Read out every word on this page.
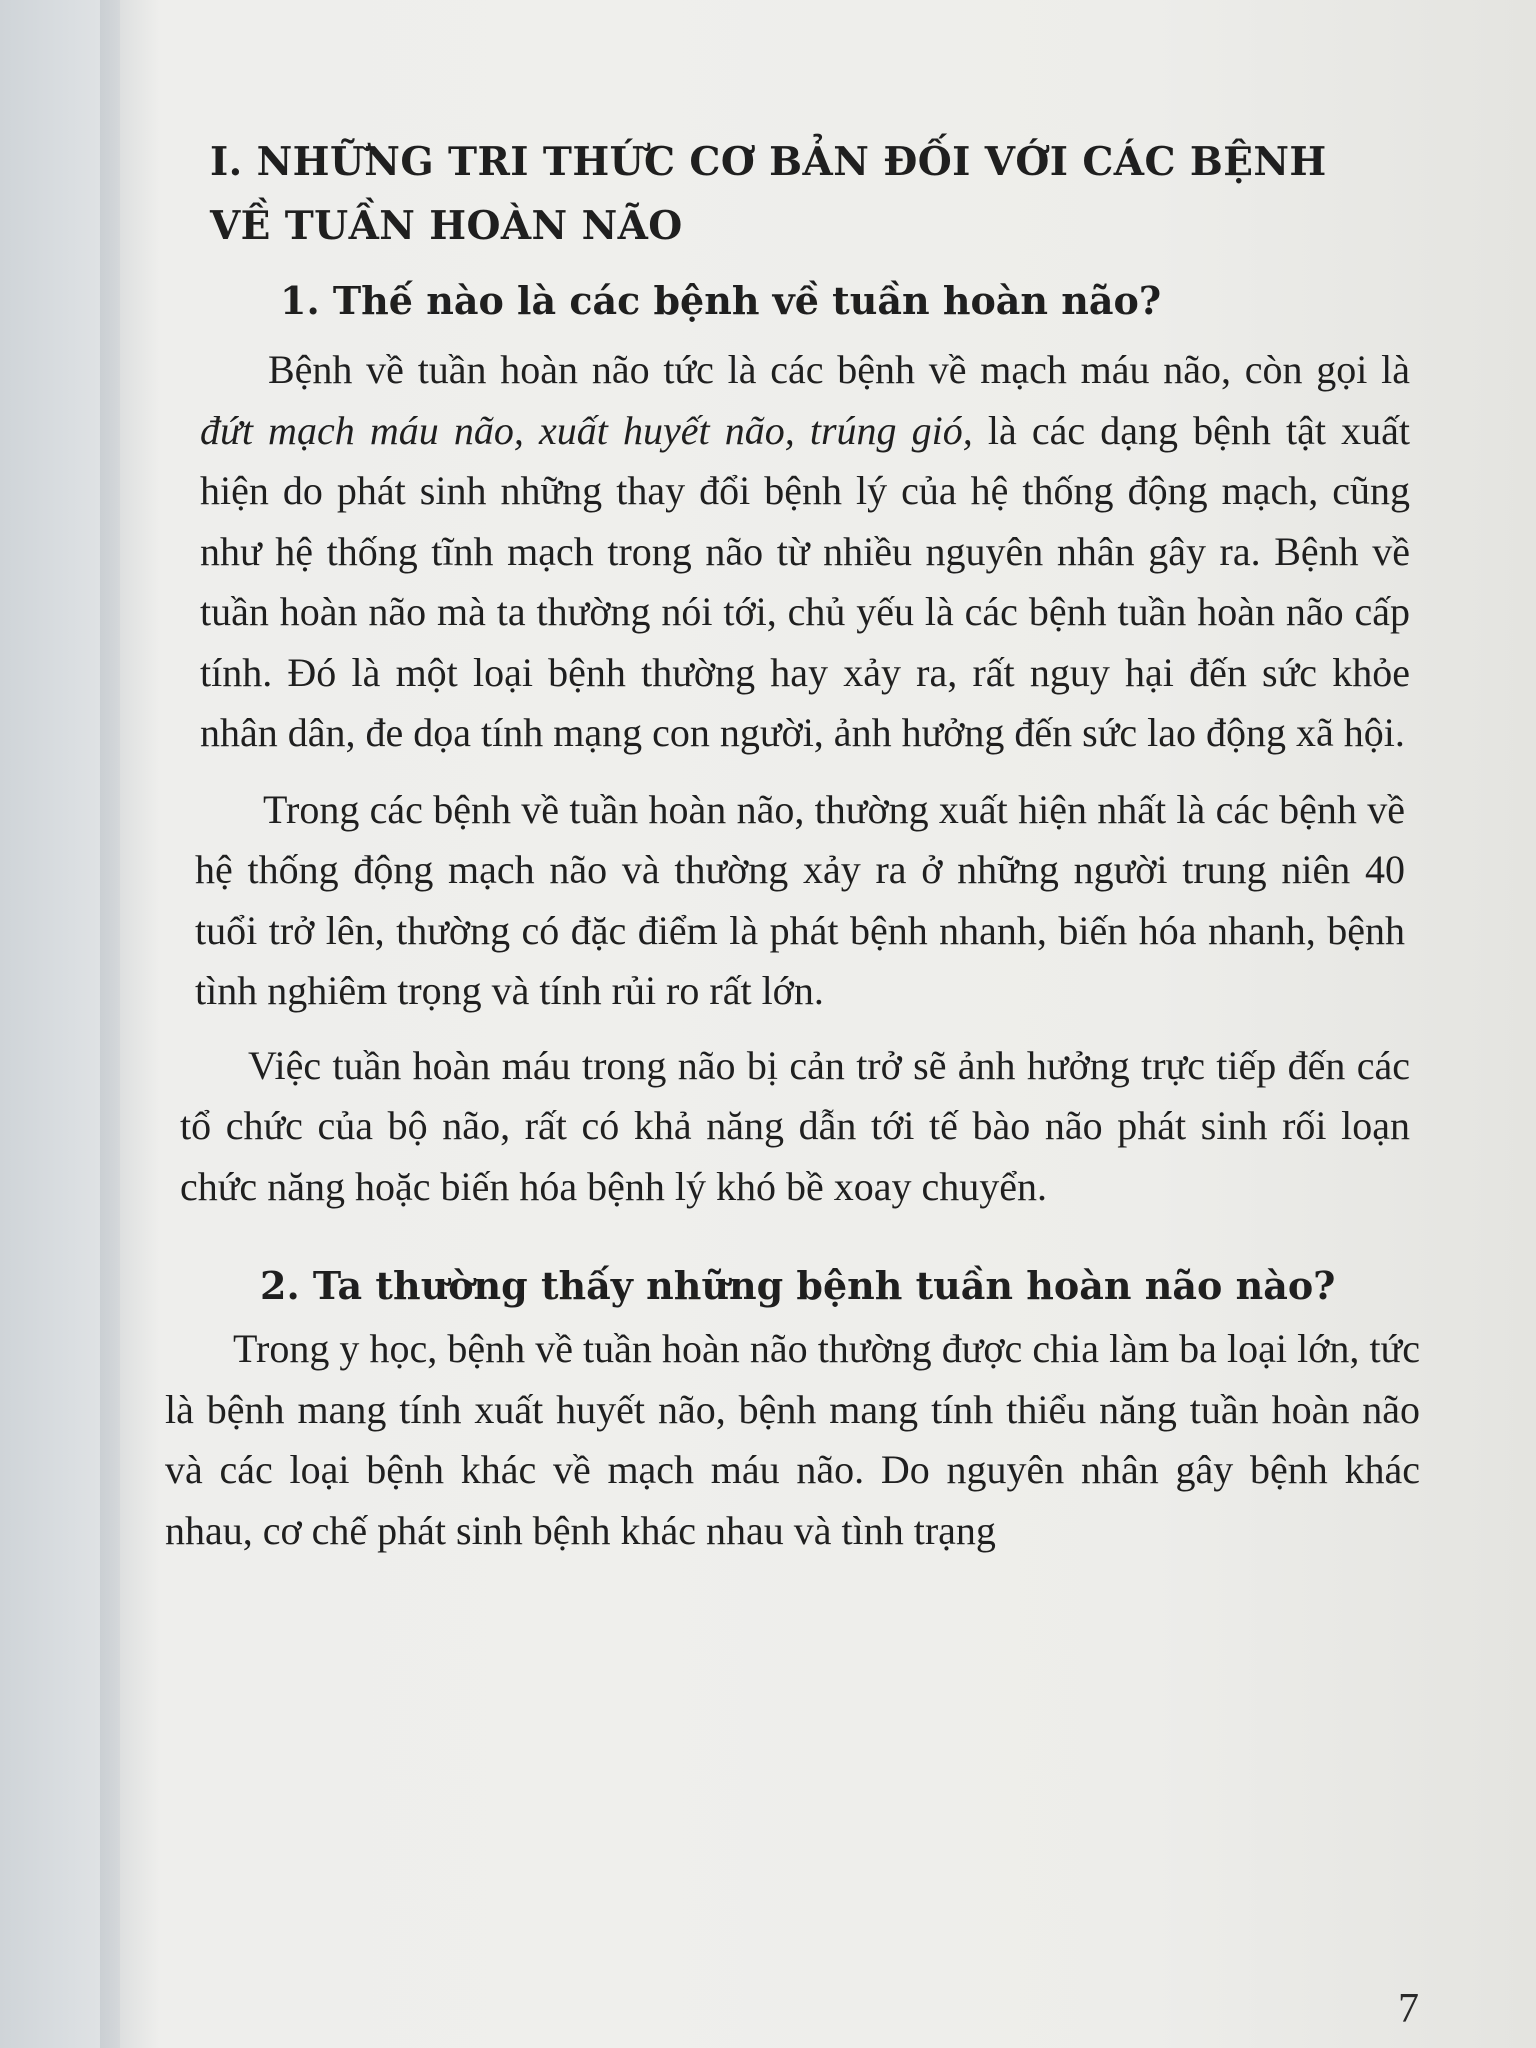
I. NHỮNG TRI THỨC CƠ BẢN ĐỐI VỚI CÁC BỆNH VỀ TUẦN HOÀN NÃO
1. Thế nào là các bệnh về tuần hoàn não?

Bệnh về tuần hoàn não tức là các bệnh về mạch máu não, còn gọi là đứt mạch máu não, xuất huyết não, trúng gió, là các dạng bệnh tật xuất hiện do phát sinh những thay đổi bệnh lý của hệ thống động mạch, cũng như hệ thống tĩnh mạch trong não từ nhiều nguyên nhân gây ra. Bệnh về tuần hoàn não mà ta thường nói tới, chủ yếu là các bệnh tuần hoàn não cấp tính. Đó là một loại bệnh thường hay xảy ra, rất nguy hại đến sức khỏe nhân dân, đe dọa tính mạng con người, ảnh hưởng đến sức lao động xã hội.

Trong các bệnh về tuần hoàn não, thường xuất hiện nhất là các bệnh về hệ thống động mạch não và thường xảy ra ở những người trung niên 40 tuổi trở lên, thường có đặc điểm là phát bệnh nhanh, biến hóa nhanh, bệnh tình nghiêm trọng và tính rủi ro rất lớn.

Việc tuần hoàn máu trong não bị cản trở sẽ ảnh hưởng trực tiếp đến các tổ chức của bộ não, rất có khả năng dẫn tới tế bào não phát sinh rối loạn chức năng hoặc biến hóa bệnh lý khó bề xoay chuyển.

2. Ta thường thấy những bệnh tuần hoàn não nào?

Trong y học, bệnh về tuần hoàn não thường được chia làm ba loại lớn, tức là bệnh mang tính xuất huyết não, bệnh mang tính thiểu năng tuần hoàn não và các loại bệnh khác về mạch máu não. Do nguyên nhân gây bệnh khác nhau, cơ chế phát sinh bệnh khác nhau và tình trạng

7
